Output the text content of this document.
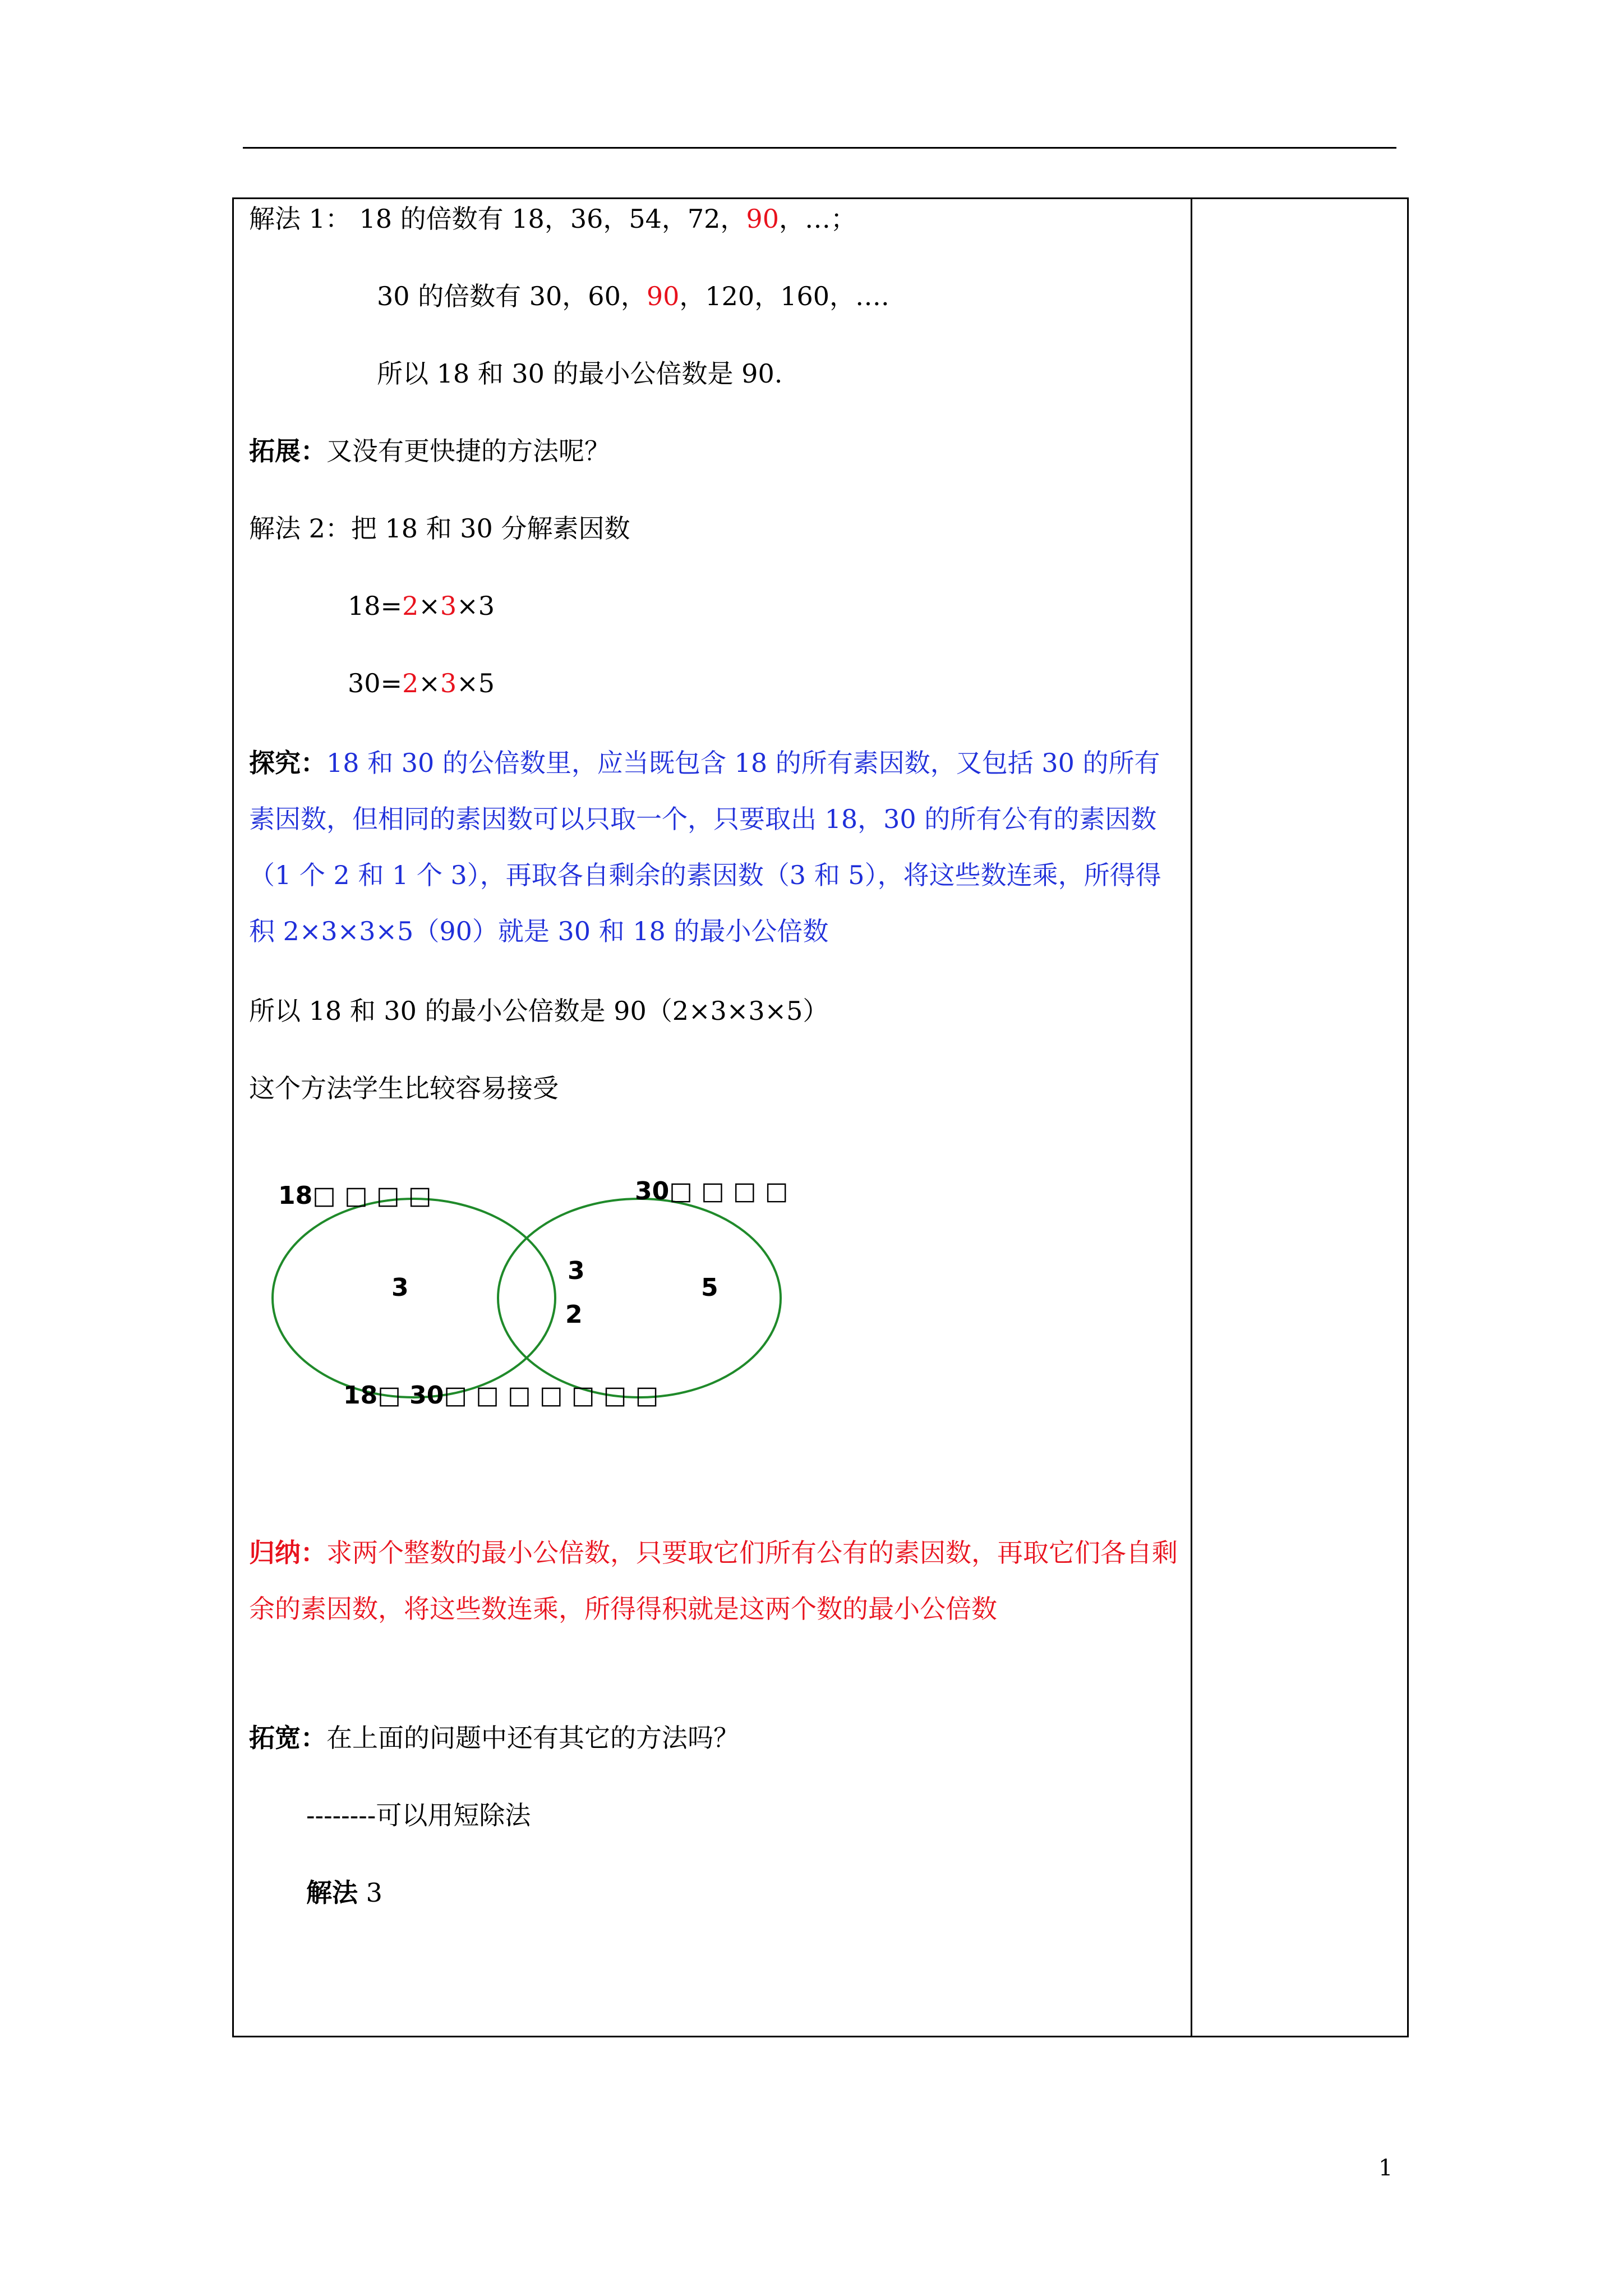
解法 1： 18 的倍数有 18，36，54，72，90，…；
30 的倍数有 30，60，90，120，160，….
所以 18 和 30 的最小公倍数是 90.
拓展：又没有更快捷的方法呢？
解法 2：把 18 和 30 分解素因数
18=2×3×3
30=2×3×5
探究：18 和 30 的公倍数里，应当既包含 18 的所有素因数，又包括 30 的所有素因数，但相同的素因数可以只取一个，只要取出 18，30 的所有公有的素因数（1 个 2 和 1 个 3），再取各自剩余的素因数（3 和 5），将这些数连乘，所得得积 2×3×3×5（90）就是 30 和 18 的最小公倍数
所以 18 和 30 的最小公倍数是 90（2×3×3×5）
这个方法学生比较容易接受
18□ □ □ □	30□ □ □ □
3
3
2
5
18□ 30□ □ □ □ □ □ □
归纳：求两个整数的最小公倍数，只要取它们所有公有的素因数，再取它们各自剩余的素因数，将这些数连乘，所得得积就是这两个数的最小公倍数
拓宽：在上面的问题中还有其它的方法吗？
--------可以用短除法
解法 3
1
